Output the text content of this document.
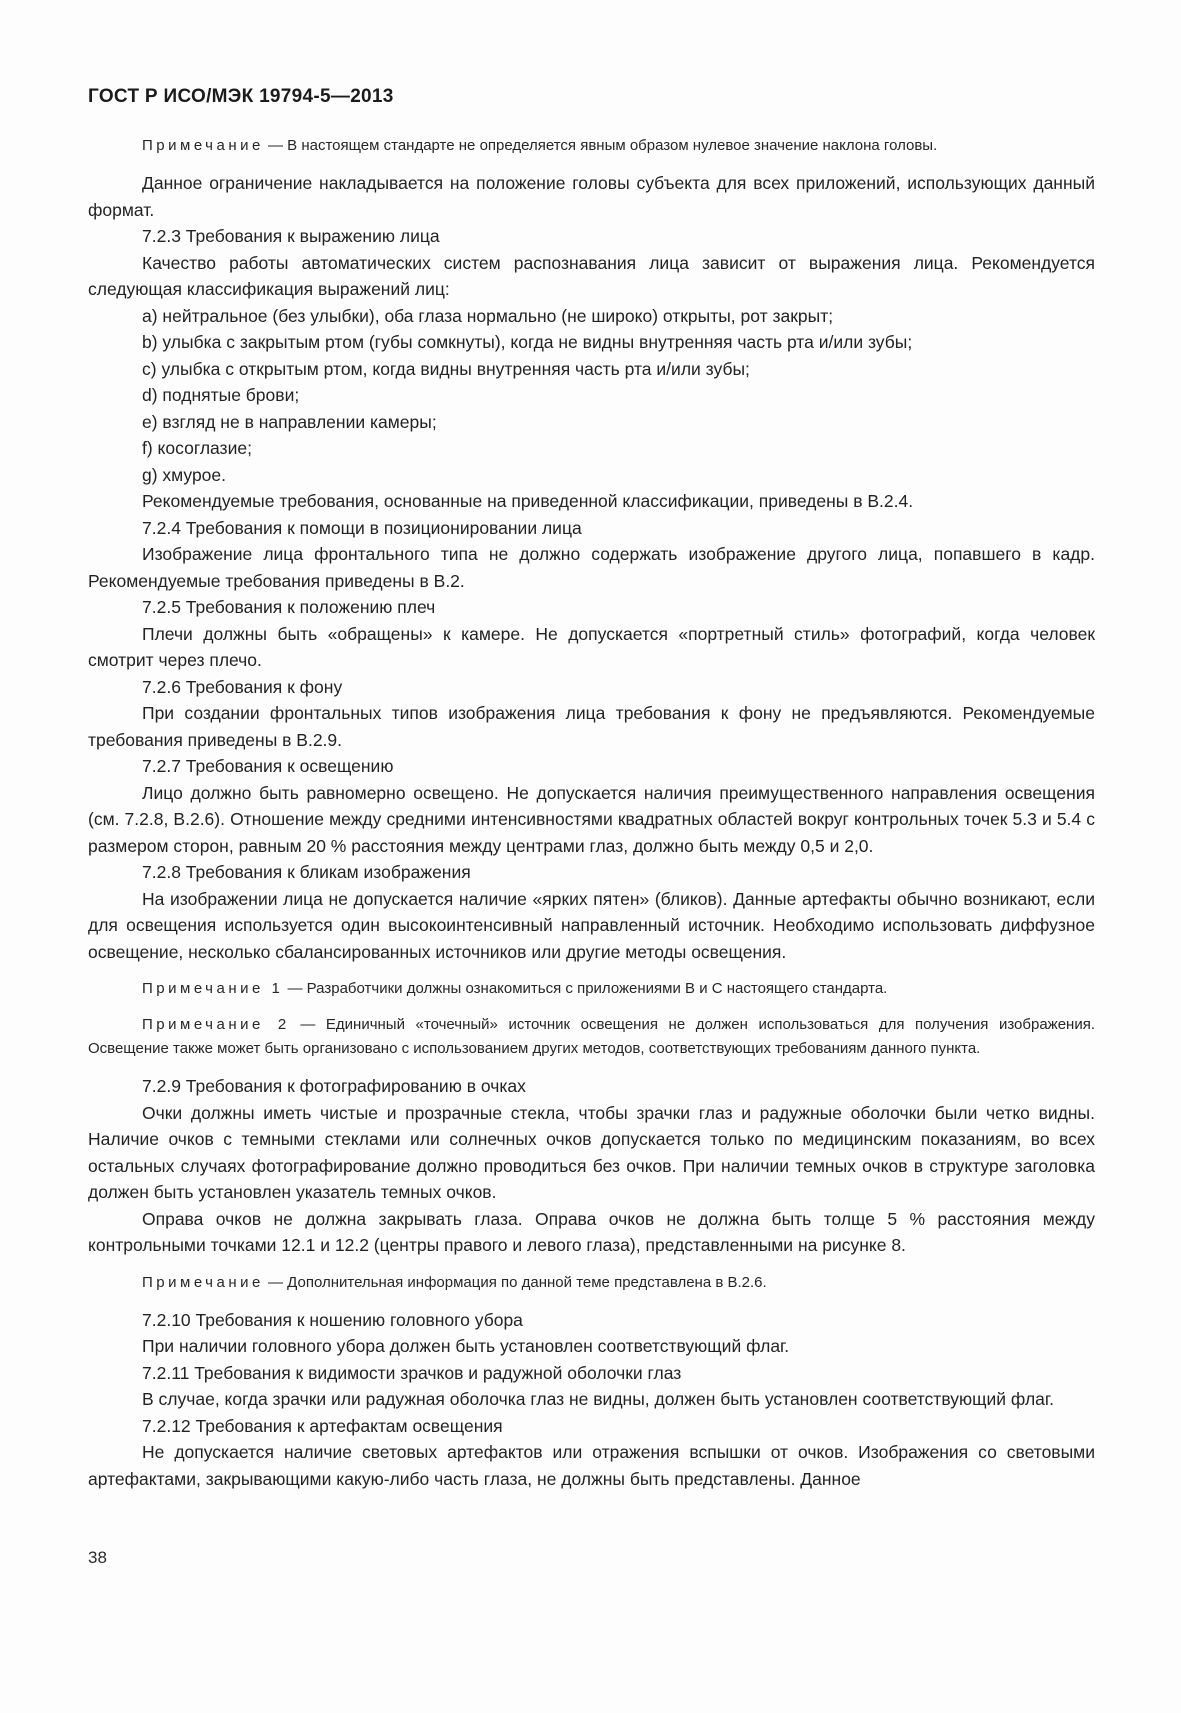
ГОСТ Р ИСО/МЭК 19794-5—2013

Примечание — В настоящем стандарте не определяется явным образом нулевое значение наклона головы.

Данное ограничение накладывается на положение головы субъекта для всех приложений, использующих данный формат.

7.2.3 Требования к выражению лица

Качество работы автоматических систем распознавания лица зависит от выражения лица. Рекомендуется следующая классификация выражений лиц:

a) нейтральное (без улыбки), оба глаза нормально (не широко) открыты, рот закрыт;

b) улыбка с закрытым ртом (губы сомкнуты), когда не видны внутренняя часть рта и/или зубы;

c) улыбка с открытым ртом, когда видны внутренняя часть рта и/или зубы;

d) поднятые брови;

e) взгляд не в направлении камеры;

f) косоглазие;

g) хмурое.

Рекомендуемые требования, основанные на приведенной классификации, приведены в В.2.4.

7.2.4 Требования к помощи в позиционировании лица

Изображение лица фронтального типа не должно содержать изображение другого лица, попавшего в кадр. Рекомендуемые требования приведены в В.2.

7.2.5 Требования к положению плеч

Плечи должны быть «обращены» к камере. Не допускается «портретный стиль» фотографий, когда человек смотрит через плечо.

7.2.6 Требования к фону

При создании фронтальных типов изображения лица требования к фону не предъявляются. Рекомендуемые требования приведены в В.2.9.

7.2.7 Требования к освещению

Лицо должно быть равномерно освещено. Не допускается наличия преимущественного направления освещения (см. 7.2.8, В.2.6). Отношение между средними интенсивностями квадратных областей вокруг контрольных точек 5.3 и 5.4 с размером сторон, равным 20 % расстояния между центрами глаз, должно быть между 0,5 и 2,0.

7.2.8 Требования к бликам изображения

На изображении лица не допускается наличие «ярких пятен» (бликов). Данные артефакты обычно возникают, если для освещения используется один высокоинтенсивный направленный источник. Необходимо использовать диффузное освещение, несколько сбалансированных источников или другие методы освещения.

Примечание 1 — Разработчики должны ознакомиться с приложениями В и С настоящего стандарта.

Примечание 2 — Единичный «точечный» источник освещения не должен использоваться для получения изображения. Освещение также может быть организовано с использованием других методов, соответствующих требованиям данного пункта.

7.2.9 Требования к фотографированию в очках

Очки должны иметь чистые и прозрачные стекла, чтобы зрачки глаз и радужные оболочки были четко видны. Наличие очков с темными стеклами или солнечных очков допускается только по медицинским показаниям, во всех остальных случаях фотографирование должно проводиться без очков. При наличии темных очков в структуре заголовка должен быть установлен указатель темных очков.

Оправа очков не должна закрывать глаза. Оправа очков не должна быть толще 5 % расстояния между контрольными точками 12.1 и 12.2 (центры правого и левого глаза), представленными на рисунке 8.

Примечание — Дополнительная информация по данной теме представлена в В.2.6.

7.2.10 Требования к ношению головного убора

При наличии головного убора должен быть установлен соответствующий флаг.

7.2.11 Требования к видимости зрачков и радужной оболочки глаз

В случае, когда зрачки или радужная оболочка глаз не видны, должен быть установлен соответствующий флаг.

7.2.12 Требования к артефактам освещения

Не допускается наличие световых артефактов или отражения вспышки от очков. Изображения со световыми артефактами, закрывающими какую-либо часть глаза, не должны быть представлены. Данное

38
